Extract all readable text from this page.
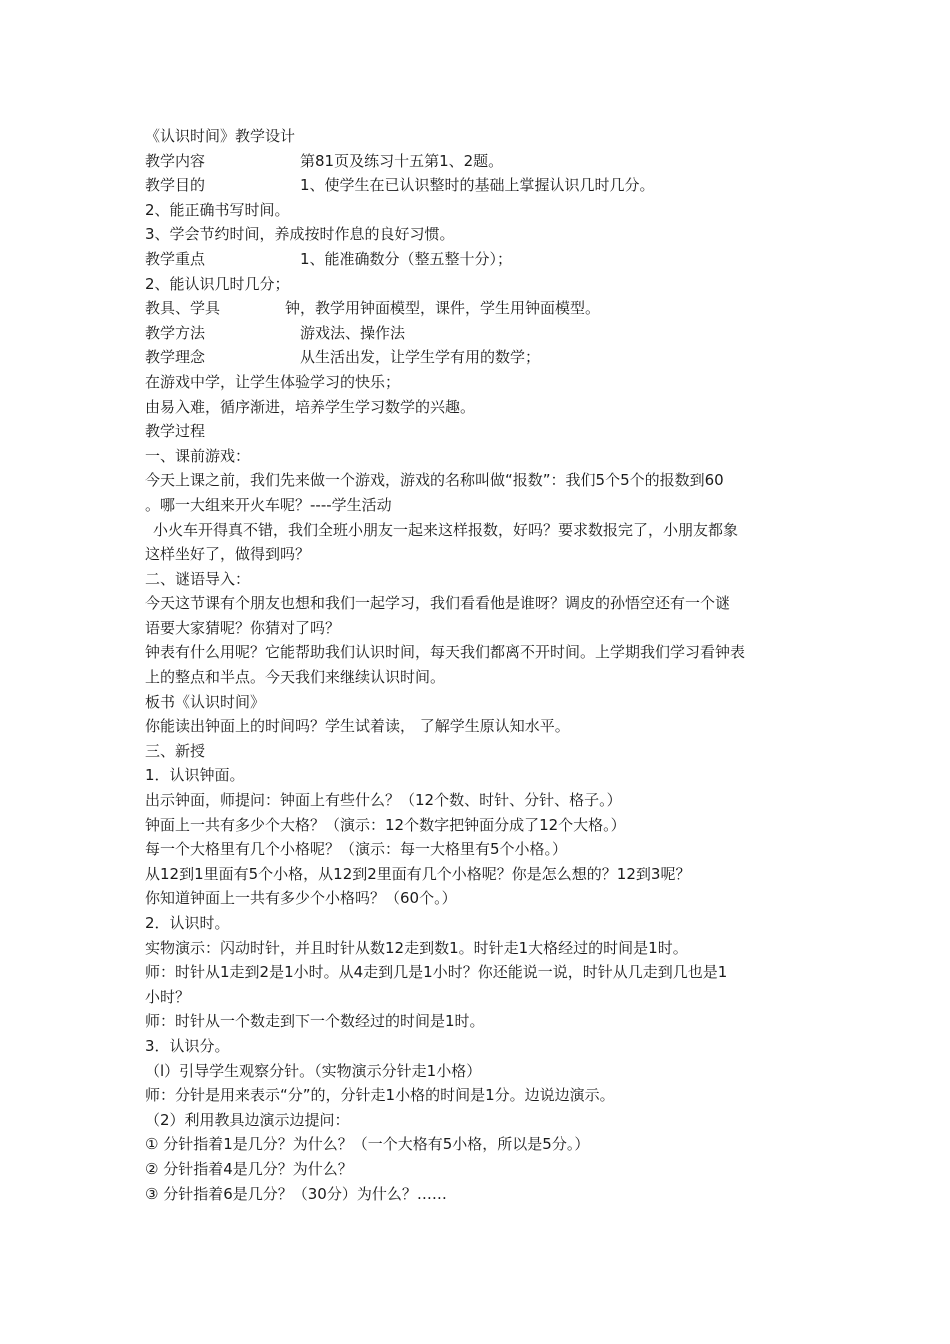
《认识时间》教学设计
教学内容	第81页及练习十五第1、2题。
教学目的	1、使学生在已认识整时的基础上掌握认识几时几分。
2、能正确书写时间。
3、学会节约时间，养成按时作息的良好习惯。
教学重点	1、能准确数分（整五整十分）；
2、能认识几时几分；
教具、学具	钟，教学用钟面模型，课件，学生用钟面模型。
教学方法	游戏法、操作法
教学理念	从生活出发，让学生学有用的数学；
在游戏中学，让学生体验学习的快乐；
由易入难，循序渐进，培养学生学习数学的兴趣。
教学过程
一、课前游戏：
今天上课之前，我们先来做一个游戏，游戏的名称叫做“报数”：我们5个5个的报数到60
。哪一大组来开火车呢？----学生活动
小火车开得真不错，我们全班小朋友一起来这样报数，好吗？要求数报完了，小朋友都象
这样坐好了，做得到吗？
二、谜语导入：
今天这节课有个朋友也想和我们一起学习，我们看看他是谁呀？调皮的孙悟空还有一个谜
语要大家猜呢？你猜对了吗？
钟表有什么用呢？它能帮助我们认识时间，每天我们都离不开时间。上学期我们学习看钟表
上的整点和半点。今天我们来继续认识时间。
板书《认识时间》
你能读出钟面上的时间吗？学生试着读， 了解学生原认知水平。
三、新授
1．认识钟面。
出示钟面，师提问：钟面上有些什么？（12个数、时针、分针、格子。）
钟面上一共有多少个大格？（演示：12个数字把钟面分成了12个大格。）
每一个大格里有几个小格呢？（演示：每一大格里有5个小格。）
从12到1里面有5个小格，从12到2里面有几个小格呢？你是怎么想的？12到3呢？
你知道钟面上一共有多少个小格吗？（60个。）
2．认识时。
实物演示：闪动时针，并且时针从数12走到数1。时针走1大格经过的时间是1时。
师：时针从1走到2是1小时。从4走到几是1小时？你还能说一说，时针从几走到几也是1
小时？
师：时针从一个数走到下一个数经过的时间是1时。
3．认识分。
（l）引导学生观察分针。（实物演示分针走1小格）
师：分针是用来表示“分”的，分针走1小格的时间是1分。边说边演示。
（2）利用教具边演示边提问：
① 分针指着1是几分？为什么？（一个大格有5小格，所以是5分。）
② 分针指着4是几分？为什么？
③ 分针指着6是几分？（30分）为什么？……
